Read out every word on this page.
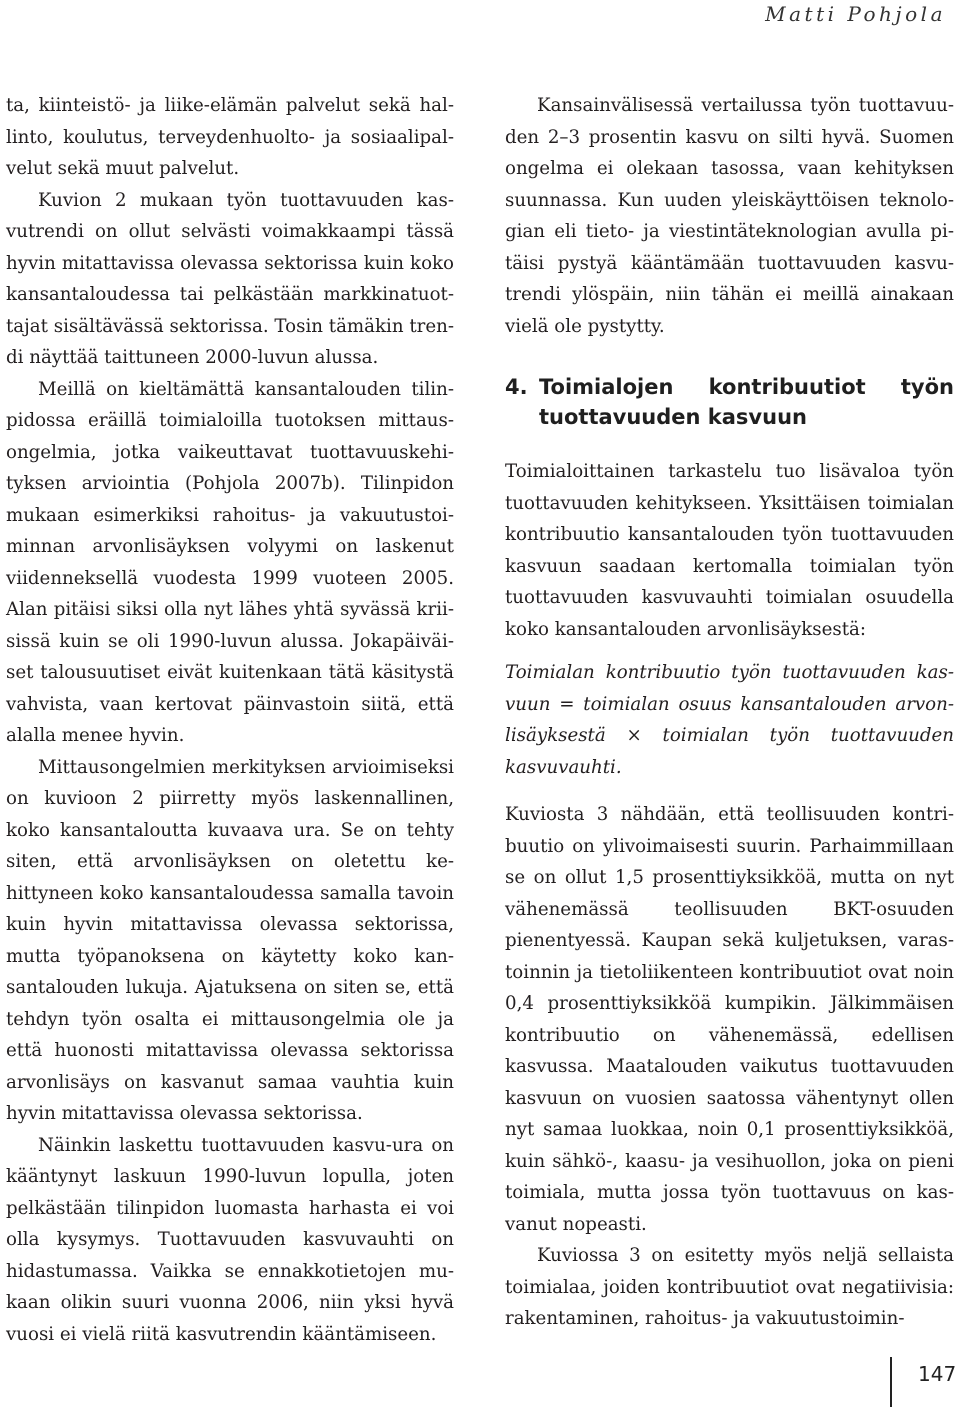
Matti Pohjola

ta, kiinteistö- ja liike-elämän palvelut sekä hallinto, koulutus, terveydenhuolto- ja sosiaalipalvelut sekä muut palvelut.

Kuvion 2 mukaan työn tuottavuuden kasvutrendi on ollut selvästi voimakkaampi tässä hyvin mitattavissa olevassa sektorissa kuin koko kansantaloudessa tai pelkästään markkinatuottajat sisältävässä sektorissa. Tosin tämäkin trendi näyttää taittuneen 2000-luvun alussa.

Meillä on kieltämättä kansantalouden tilinpidossa eräillä toimialoilla tuotoksen mittausongelmia, jotka vaikeuttavat tuottavuuskehityksen arviointia (Pohjola 2007b). Tilinpidon mukaan esimerkiksi rahoitus- ja vakuutustoiminnan arvonlisäyksen volyymi on laskenut viidenneksellä vuodesta 1999 vuoteen 2005. Alan pitäisi siksi olla nyt lähes yhtä syvässä kriisissä kuin se oli 1990-luvun alussa. Jokapäiväiset talousuutiset eivät kuitenkaan tätä käsitystä vahvista, vaan kertovat päinvastoin siitä, että alalla menee hyvin.

Mittausongelmien merkityksen arvioimiseksi on kuvioon 2 piirretty myös laskennallinen, koko kansantaloutta kuvaava ura. Se on tehty siten, että arvonlisäyksen on oletettu kehittyneen koko kansantaloudessa samalla tavoin kuin hyvin mitattavissa olevassa sektorissa, mutta työpanoksena on käytetty koko kansantalouden lukuja. Ajatuksena on siten se, että tehdyn työn osalta ei mittausongelmia ole ja että huonosti mitattavissa olevassa sektorissa arvonlisäys on kasvanut samaa vauhtia kuin hyvin mitattavissa olevassa sektorissa.

Näinkin laskettu tuottavuuden kasvu-ura on kääntynyt laskuun 1990-luvun lopulla, joten pelkästään tilinpidon luomasta harhasta ei voi olla kysymys. Tuottavuuden kasvuvauhti on hidastumassa. Vaikka se ennakkotietojen mukaan olikin suuri vuonna 2006, niin yksi hyvä vuosi ei vielä riitä kasvutrendin kääntämiseen.

Kansainvälisessä vertailussa työn tuottavuuden 2–3 prosentin kasvu on silti hyvä. Suomen ongelma ei olekaan tasossa, vaan kehityksen suunnassa. Kun uuden yleiskäyttöisen teknologian eli tieto- ja viestintäteknologian avulla pitäisi pystyä kääntämään tuottavuuden kasvutrendi ylöspäin, niin tähän ei meillä ainakaan vielä ole pystytty.

4. Toimialojen kontribuutiot työn tuottavuuden kasvuun

Toimialoittainen tarkastelu tuo lisävaloa työn tuottavuuden kehitykseen. Yksittäisen toimialan kontribuutio kansantalouden työn tuottavuuden kasvuun saadaan kertomalla toimialan työn tuottavuuden kasvuvauhti toimialan osuudella koko kansantalouden arvonlisäyksestä:

Toimialan kontribuutio työn tuottavuuden kasvuun = toimialan osuus kansantalouden arvonlisäyksestä × toimialan työn tuottavuuden kasvuvauhti.

Kuviosta 3 nähdään, että teollisuuden kontribuutio on ylivoimaisesti suurin. Parhaimmillaan se on ollut 1,5 prosenttiyksikköä, mutta on nyt vähenemässä teollisuuden BKT-osuuden pienentyessä. Kaupan sekä kuljetuksen, varastoinnin ja tietoliikenteen kontribuutiot ovat noin 0,4 prosenttiyksikköä kumpikin. Jälkimmäisen kontribuutio on vähenemässä, edellisen kasvussa. Maatalouden vaikutus tuottavuuden kasvuun on vuosien saatossa vähentynyt ollen nyt samaa luokkaa, noin 0,1 prosenttiyksikköä, kuin sähkö-, kaasu- ja vesihuollon, joka on pieni toimiala, mutta jossa työn tuottavuus on kasvanut nopeasti.

Kuviossa 3 on esitetty myös neljä sellaista toimialaa, joiden kontribuutiot ovat negatiivisia: rakentaminen, rahoitus- ja vakuutustoimin-

147
